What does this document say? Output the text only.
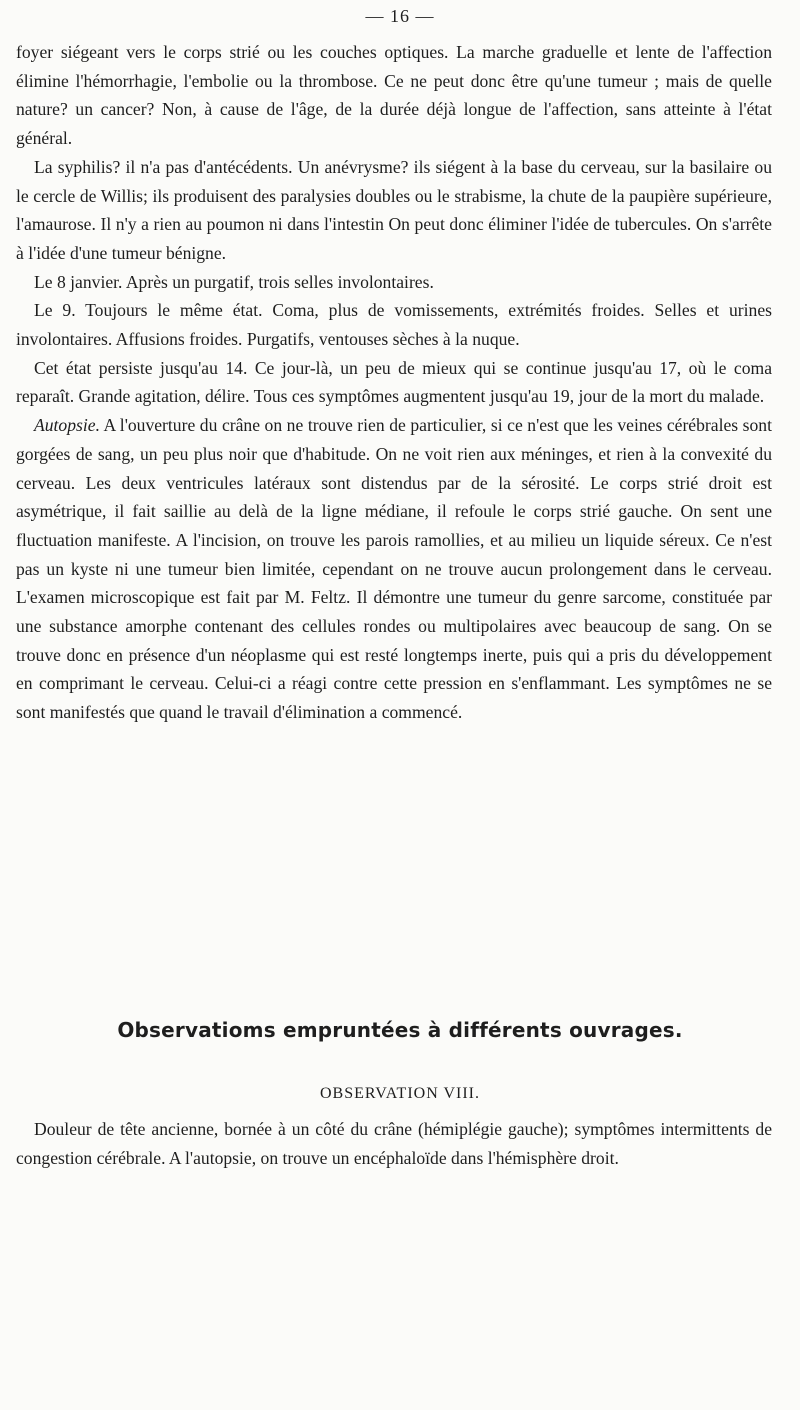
— 16 —

foyer siégeant vers le corps strié ou les couches optiques. La marche graduelle et lente de l'affection élimine l'hémorrhagie, l'embolie ou la thrombose. Ce ne peut donc être qu'une tumeur ; mais de quelle nature? un cancer? Non, à cause de l'âge, de la durée déjà longue de l'affection, sans atteinte à l'état général.

La syphilis? il n'a pas d'antécédents. Un anévrysme? ils siégent à la base du cerveau, sur la basilaire ou le cercle de Willis; ils produisent des paralysies doubles ou le strabisme, la chute de la paupière supérieure, l'amaurose. Il n'y a rien au poumon ni dans l'intestin On peut donc éliminer l'idée de tubercules. On s'arrête à l'idée d'une tumeur bénigne.

Le 8 janvier. Après un purgatif, trois selles involontaires.

Le 9. Toujours le même état. Coma, plus de vomissements, extrémités froides. Selles et urines involontaires. Affusions froides. Purgatifs, ventouses sèches à la nuque.

Cet état persiste jusqu'au 14. Ce jour-là, un peu de mieux qui se continue jusqu'au 17, où le coma reparaît. Grande agitation, délire. Tous ces symptômes augmentent jusqu'au 19, jour de la mort du malade.

Autopsie. A l'ouverture du crâne on ne trouve rien de particulier, si ce n'est que les veines cérébrales sont gorgées de sang, un peu plus noir que d'habitude. On ne voit rien aux méninges, et rien à la convexité du cerveau. Les deux ventricules latéraux sont distendus par de la sérosité. Le corps strié droit est asymétrique, il fait saillie au delà de la ligne médiane, il refoule le corps strié gauche. On sent une fluctuation manifeste. A l'incision, on trouve les parois ramollies, et au milieu un liquide séreux. Ce n'est pas un kyste ni une tumeur bien limitée, cependant on ne trouve aucun prolongement dans le cerveau. L'examen microscopique est fait par M. Feltz. Il démontre une tumeur du genre sarcome, constituée par une substance amorphe contenant des cellules rondes ou multipolaires avec beaucoup de sang. On se trouve donc en présence d'un néoplasme qui est resté longtemps inerte, puis qui a pris du développement en comprimant le cerveau. Celui-ci a réagi contre cette pression en s'enflammant. Les symptômes ne se sont manifestés que quand le travail d'élimination a commencé.

Observatioms empruntées à différents ouvrages.
OBSERVATION VIII.

Douleur de tête ancienne, bornée à un côté du crâne (hémiplégie gauche); symptômes intermittents de congestion cérébrale. A l'autopsie, on trouve un encéphaloïde dans l'hémisphère droit.
